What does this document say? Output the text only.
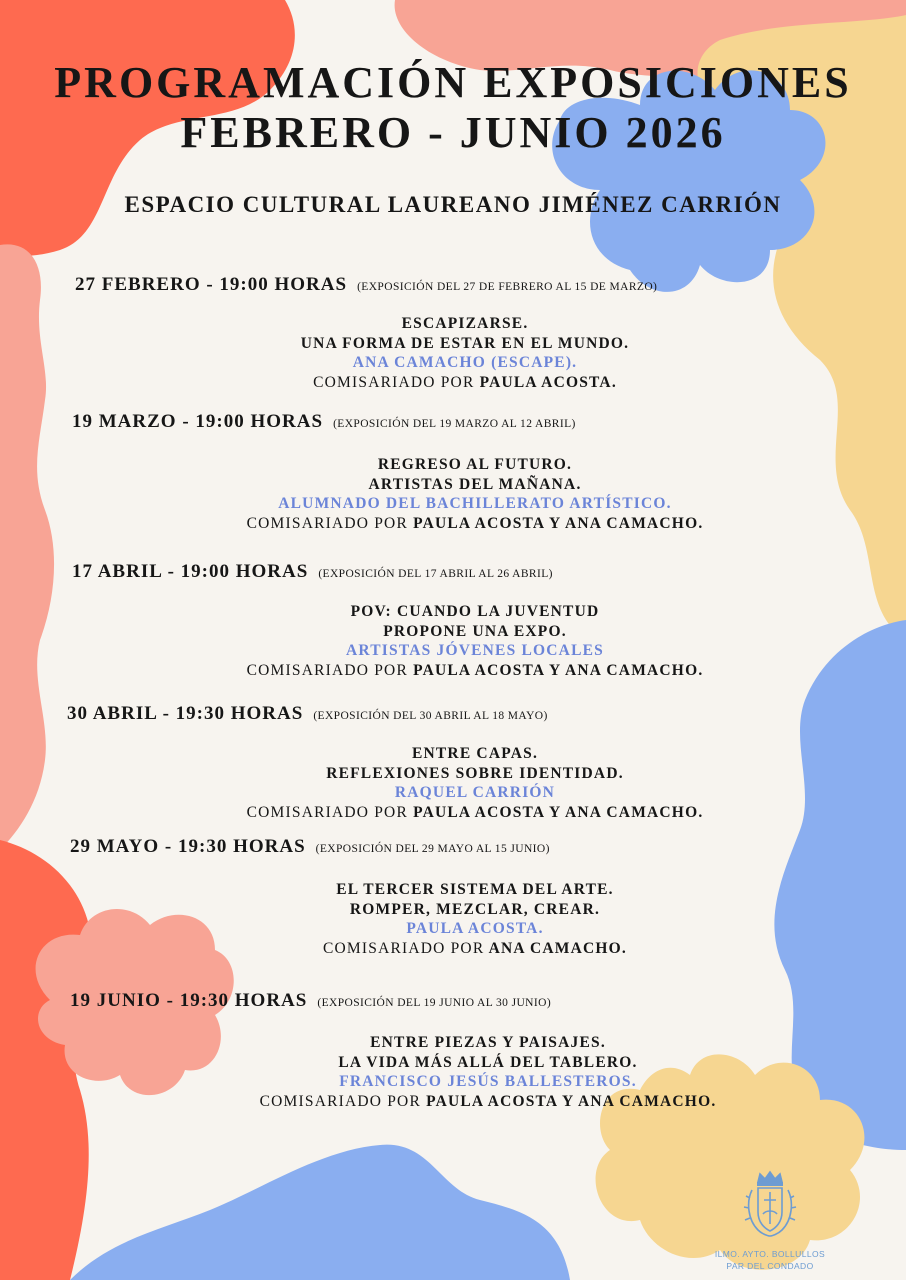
PROGRAMACIÓN EXPOSICIONES
FEBRERO - JUNIO 2026
ESPACIO CULTURAL LAUREANO JIMÉNEZ CARRIÓN
27 FEBRERO - 19:00 HORAS (EXPOSICIÓN DEL 27 DE FEBRERO AL 15 DE MARZO)
ESCAPIZARSE.
UNA FORMA DE ESTAR EN EL MUNDO.
ANA CAMACHO (ESCAPE).
COMISARIADO POR PAULA ACOSTA.
19 MARZO - 19:00 HORAS (EXPOSICIÓN DEL 19 MARZO AL 12 ABRIL)
REGRESO AL FUTURO.
ARTISTAS DEL MAÑANA.
ALUMNADO DEL BACHILLERATO ARTÍSTICO.
COMISARIADO POR PAULA ACOSTA Y ANA CAMACHO.
17 ABRIL - 19:00 HORAS (EXPOSICIÓN DEL 17 ABRIL AL 26 ABRIL)
POV: CUANDO LA JUVENTUD
PROPONE UNA EXPO.
ARTISTAS JÓVENES LOCALES
COMISARIADO POR PAULA ACOSTA Y ANA CAMACHO.
30 ABRIL - 19:30 HORAS (EXPOSICIÓN DEL 30 ABRIL AL 18 MAYO)
ENTRE CAPAS.
REFLEXIONES SOBRE IDENTIDAD.
RAQUEL CARRIÓN
COMISARIADO POR PAULA ACOSTA Y ANA CAMACHO.
29 MAYO - 19:30 HORAS (EXPOSICIÓN DEL 29 MAYO AL 15 JUNIO)
EL TERCER SISTEMA DEL ARTE.
ROMPER, MEZCLAR, CREAR.
PAULA ACOSTA.
COMISARIADO POR ANA CAMACHO.
19 JUNIO - 19:30 HORAS (EXPOSICIÓN DEL 19 JUNIO AL 30 JUNIO)
ENTRE PIEZAS Y PAISAJES.
LA VIDA MÁS ALLÁ DEL TABLERO.
FRANCISCO JESÚS BALLESTEROS.
COMISARIADO POR PAULA ACOSTA Y ANA CAMACHO.
ILMO. AYTO. BOLLULLOS
PAR DEL CONDADO
